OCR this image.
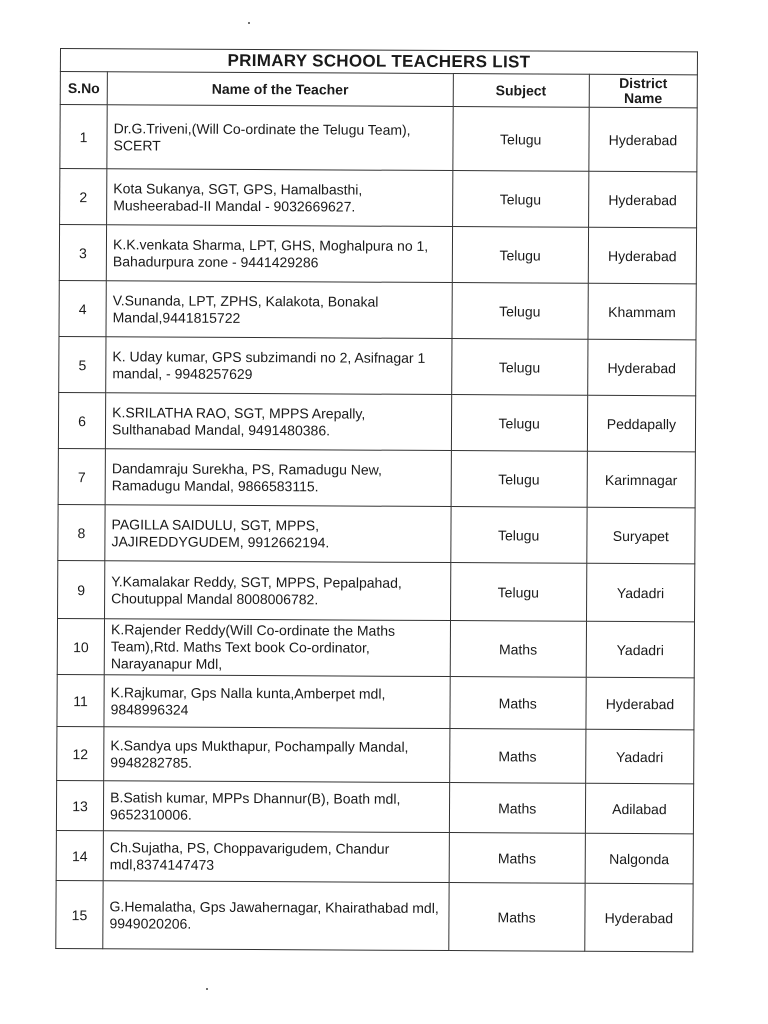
PRIMARY SCHOOL TEACHERS LIST			
S.No	Name of the Teacher	Subject	District Name
1	Dr.G.Triveni,(Will Co-ordinate the Telugu Team), SCERT	Telugu	Hyderabad
2	Kota Sukanya, SGT, GPS, Hamalbasthi, Musheerabad-II Mandal - 9032669627.	Telugu	Hyderabad
3	K.K.venkata Sharma, LPT, GHS, Moghalpura no 1, Bahadurpura zone - 9441429286	Telugu	Hyderabad
4	V.Sunanda, LPT, ZPHS, Kalakota, Bonakal Mandal,9441815722	Telugu	Khammam
5	K. Uday kumar, GPS subzimandi no 2, Asifnagar 1 mandal, - 9948257629	Telugu	Hyderabad
6	K.SRILATHA RAO, SGT, MPPS Arepally, Sulthanabad Mandal, 9491480386.	Telugu	Peddapally
7	Dandamraju Surekha, PS, Ramadugu New, Ramadugu Mandal, 9866583115.	Telugu	Karimnagar
8	PAGILLA SAIDULU, SGT, MPPS, JAJIREDDYGUDEM, 9912662194.	Telugu	Suryapet
9	Y.Kamalakar Reddy, SGT, MPPS, Pepalpahad, Choutuppal Mandal 8008006782.	Telugu	Yadadri
10	K.Rajender Reddy(Will Co-ordinate the Maths Team),Rtd. Maths Text book Co-ordinator, Narayanapur Mdl,	Maths	Yadadri
11	K.Rajkumar, Gps Nalla kunta,Amberpet mdl, 9848996324	Maths	Hyderabad
12	K.Sandya ups Mukthapur, Pochampally Mandal, 9948282785.	Maths	Yadadri
13	B.Satish kumar, MPPs Dhannur(B), Boath mdl, 9652310006.	Maths	Adilabad
14	Ch.Sujatha, PS, Choppavarigudem, Chandur mdl,8374147473	Maths	Nalgonda
15	G.Hemalatha, Gps Jawahernagar, Khairathabad mdl, 9949020206.	Maths	Hyderabad
